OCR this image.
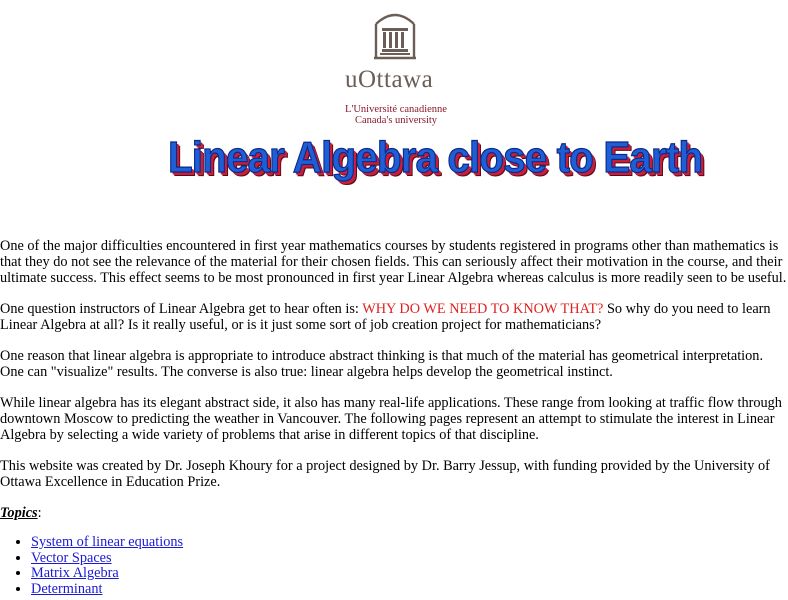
uOttawa
L'Université canadienne
Canada's university
Linear Algebra close to Earth

One of the major difficulties encountered in first year mathematics courses by students registered in programs other than mathematics is that they do not see the relevance of the material for their chosen fields. This can seriously affect their motivation in the course, and their ultimate success. This effect seems to be most pronounced in first year Linear Algebra whereas calculus is more readily seen to be useful.

One question instructors of Linear Algebra get to hear often is: WHY DO WE NEED TO KNOW THAT? So why do you need to learn Linear Algebra at all? Is it really useful, or is it just some sort of job creation project for mathematicians?

One reason that linear algebra is appropriate to introduce abstract thinking is that much of the material has geometrical interpretation. One can "visualize" results. The converse is also true: linear algebra helps develop the geometrical instinct.

While linear algebra has its elegant abstract side, it also has many real-life applications. These range from looking at traffic flow through downtown Moscow to predicting the weather in Vancouver. The following pages represent an attempt to stimulate the interest in Linear Algebra by selecting a wide variety of problems that arise in different topics of that discipline.

This website was created by Dr. Joseph Khoury for a project designed by Dr. Barry Jessup, with funding provided by the University of Ottawa Excellence in Education Prize.

Topics:
• System of linear equations
• Vector Spaces
• Matrix Algebra
• Determinant
